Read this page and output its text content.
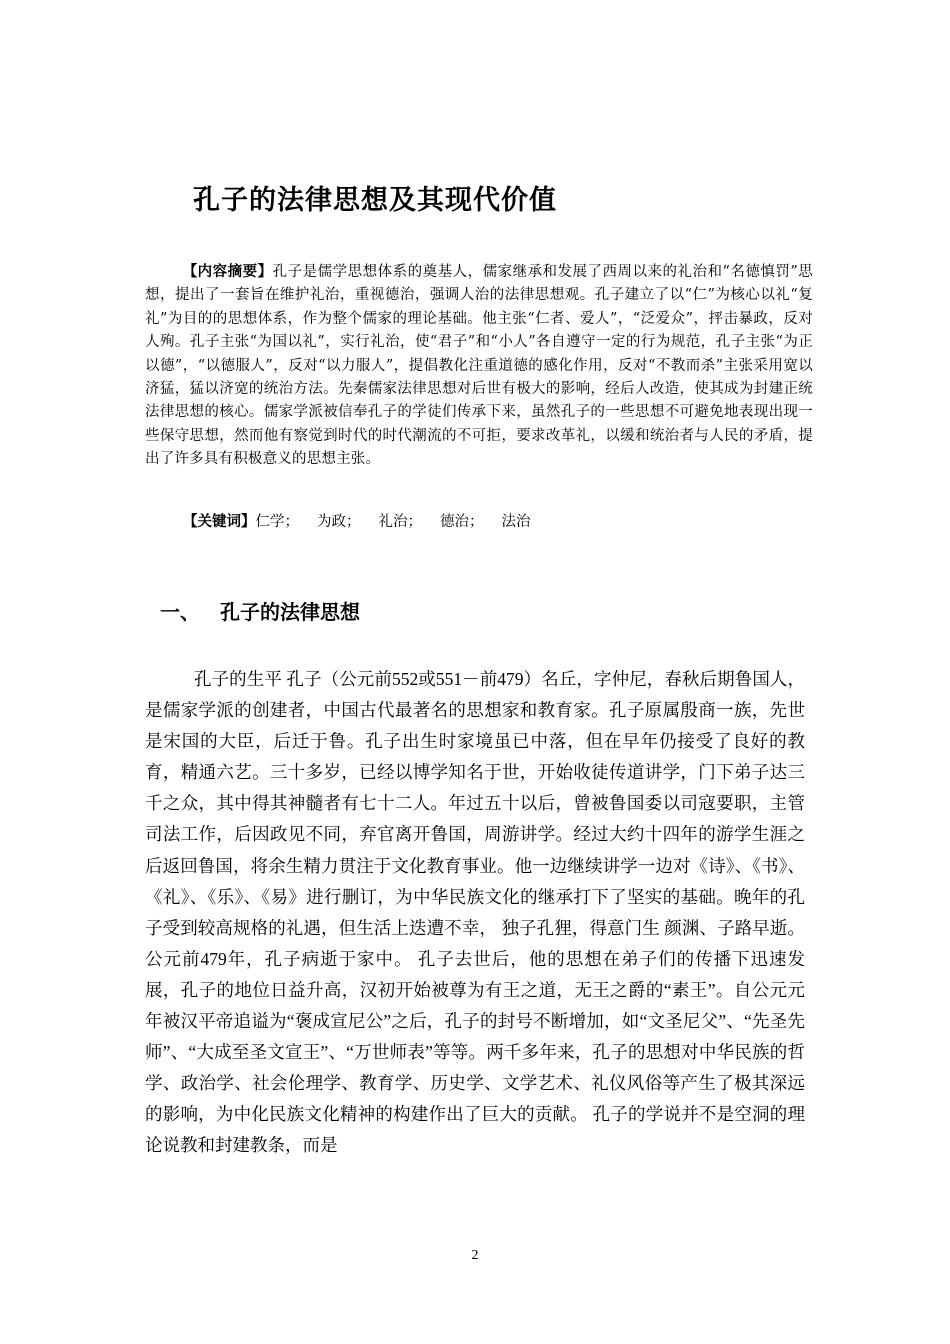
孔子的法律思想及其现代价值
【内容摘要】孔子是儒学思想体系的奠基人，儒家继承和发展了西周以来的礼治和“名德慎罚”思想，提出了一套旨在维护礼治，重视德治，强调人治的法律思想观。孔子建立了以“仁”为核心以礼“复礼”为目的的思想体系，作为整个儒家的理论基础。他主张“仁者、爱人”，“泛爱众”，抨击暴政，反对人殉。孔子主张“为国以礼”，实行礼治，使“君子”和“小人”各自遵守一定的行为规范，孔子主张“为正以德”，“以德服人”，反对“以力服人”，提倡教化注重道德的感化作用，反对“不教而杀”主张采用宽以济猛，猛以济宽的统治方法。先秦儒家法律思想对后世有极大的影响，经后人改造，使其成为封建正统法律思想的核心。儒家学派被信奉孔子的学徒们传承下来，虽然孔子的一些思想不可避免地表现出现一些保守思想，然而他有察觉到时代的时代潮流的不可拒，要求改革礼，以缓和统治者与人民的矛盾，提出了许多具有积极意义的思想主张。
【关键词】仁学； 为政； 礼治； 德治； 法治
一、 孔子的法律思想
孔子的生平 孔子（公元前552或551－前479）名丘，字仲尼，春秋后期鲁国人，是儒家学派的创建者，中国古代最著名的思想家和教育家。孔子原属殷商一族，先世是宋国的大臣，后迁于鲁。孔子出生时家境虽已中落，但在早年仍接受了良好的教育，精通六艺。三十多岁，已经以博学知名于世，开始收徒传道讲学，门下弟子达三千之众，其中得其神髓者有七十二人。年过五十以后，曾被鲁国委以司寇要职，主管司法工作，后因政见不同，弃官离开鲁国，周游讲学。经过大约十四年的游学生涯之后返回鲁国，将余生精力贯注于文化教育事业。他一边继续讲学一边对《诗》、《书》、《礼》、《乐》、《易》进行删订，为中华民族文化的继承打下了坚实的基础。晚年的孔子受到较高规格的礼遇，但生活上迭遭不幸， 独子孔狸，得意门生 颜渊、子路早逝。公元前479年，孔子病逝于家中。 孔子去世后，他的思想在弟子们的传播下迅速发展，孔子的地位日益升高，汉初开始被尊为有王之道，无王之爵的“素王”。自公元元年被汉平帝追谥为“褒成宣尼公”之后，孔子的封号不断增加，如“文圣尼父”、“先圣先师”、“大成至圣文宣王”、“万世师表”等等。两千多年来，孔子的思想对中华民族的哲学、政治学、社会伦理学、教育学、历史学、文学艺术、礼仪风俗等产生了极其深远的影响，为中化民族文化精神的构建作出了巨大的贡献。 孔子的学说并不是空洞的理论说教和封建教条，而是
2
